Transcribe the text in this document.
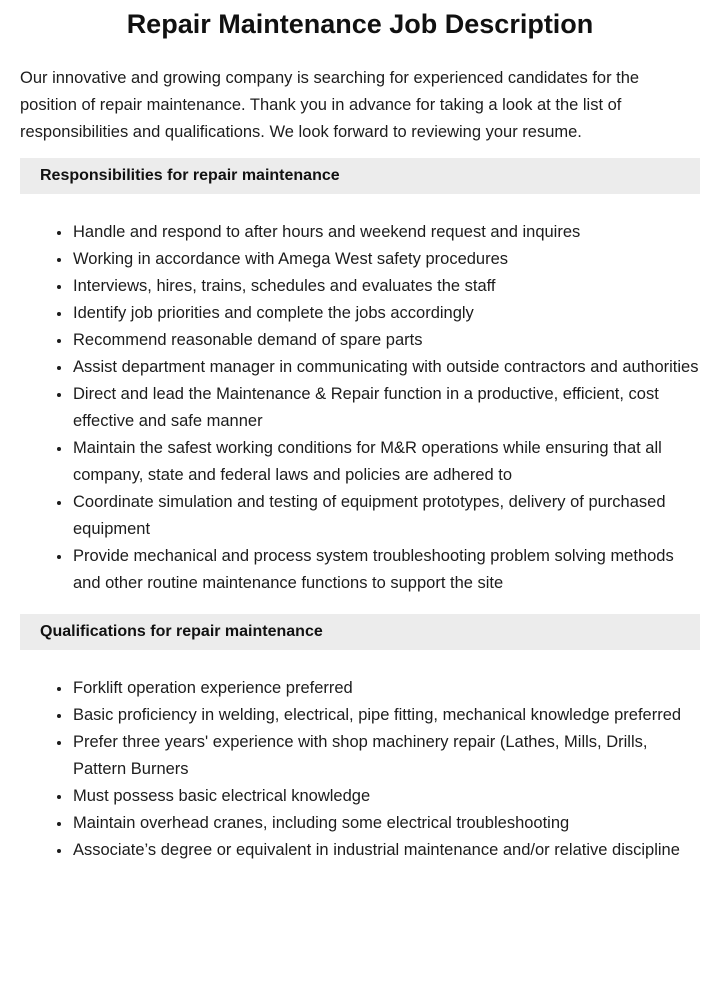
Repair Maintenance Job Description

Our innovative and growing company is searching for experienced candidates for the position of repair maintenance. Thank you in advance for taking a look at the list of responsibilities and qualifications. We look forward to reviewing your resume.

Responsibilities for repair maintenance
• Handle and respond to after hours and weekend request and inquires
• Working in accordance with Amega West safety procedures
• Interviews, hires, trains, schedules and evaluates the staff
• Identify job priorities and complete the jobs accordingly
• Recommend reasonable demand of spare parts
• Assist department manager in communicating with outside contractors and authorities
• Direct and lead the Maintenance & Repair function in a productive, efficient, cost effective and safe manner
• Maintain the safest working conditions for M&R operations while ensuring that all company, state and federal laws and policies are adhered to
• Coordinate simulation and testing of equipment prototypes, delivery of purchased equipment
• Provide mechanical and process system troubleshooting problem solving methods and other routine maintenance functions to support the site
Qualifications for repair maintenance
• Forklift operation experience preferred
• Basic proficiency in welding, electrical, pipe fitting, mechanical knowledge preferred
• Prefer three years' experience with shop machinery repair (Lathes, Mills, Drills, Pattern Burners
• Must possess basic electrical knowledge
• Maintain overhead cranes, including some electrical troubleshooting
• Associate’s degree or equivalent in industrial maintenance and/or relative discipline
